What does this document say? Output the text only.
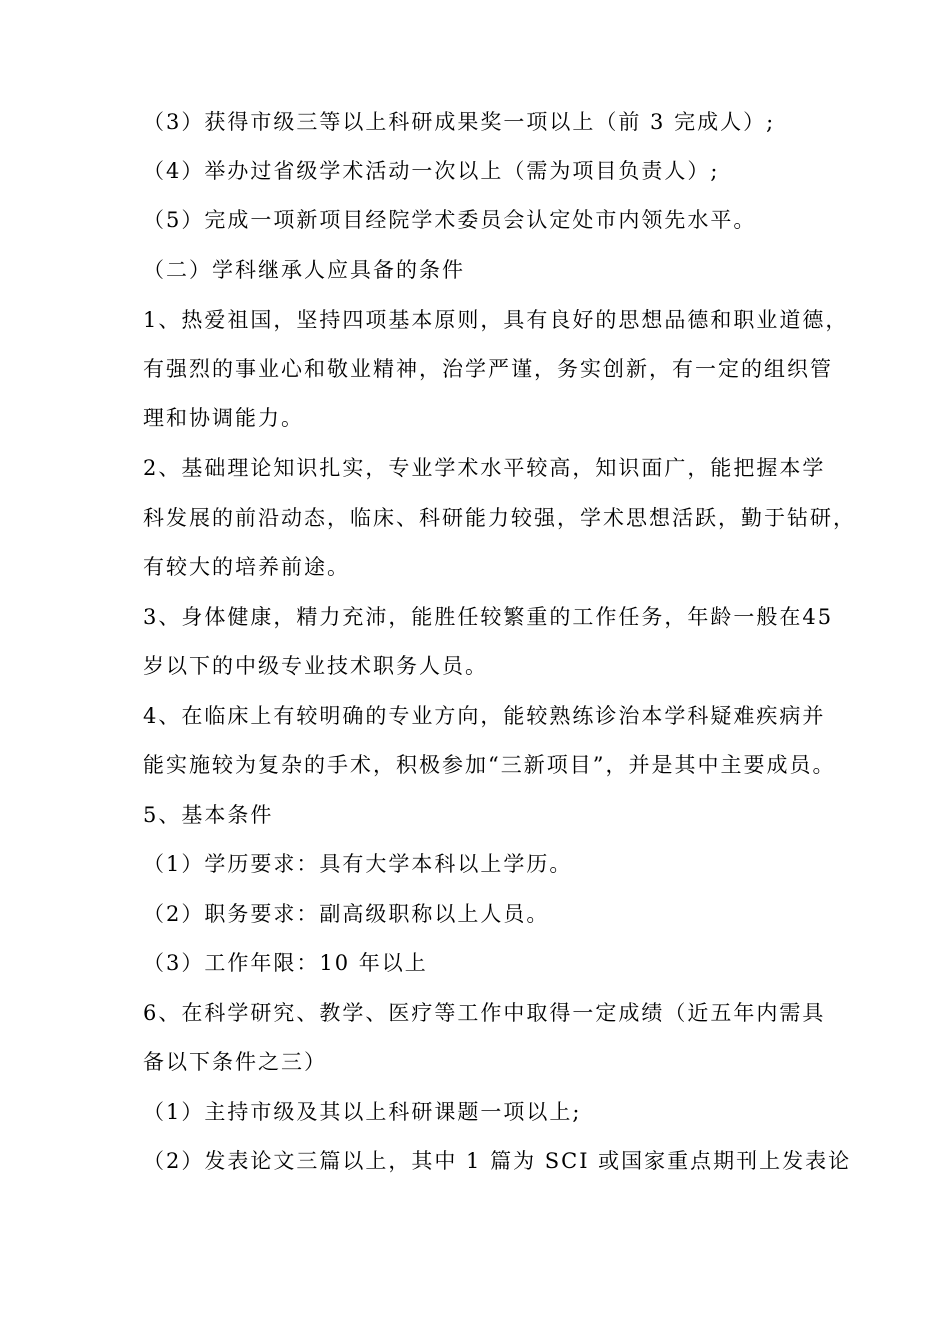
（3）获得市级三等以上科研成果奖一项以上（前 3 完成人）;
（4）举办过省级学术活动一次以上（需为项目负责人）;
（5）完成一项新项目经院学术委员会认定处市内领先水平。
（二）学科继承人应具备的条件
1、热爱祖国，坚持四项基本原则，具有良好的思想品德和职业道德，
有强烈的事业心和敬业精神，治学严谨，务实创新，有一定的组织管
理和协调能力。
2、基础理论知识扎实，专业学术水平较高，知识面广，能把握本学
科发展的前沿动态，临床、科研能力较强，学术思想活跃，勤于钻研，
有较大的培养前途。
3、身体健康，精力充沛，能胜任较繁重的工作任务，年龄一般在45
岁以下的中级专业技术职务人员。
4、在临床上有较明确的专业方向，能较熟练诊治本学科疑难疾病并
能实施较为复杂的手术，积极参加“三新项目”，并是其中主要成员。
5、基本条件
（1）学历要求：具有大学本科以上学历。
（2）职务要求：副高级职称以上人员。
（3）工作年限：10 年以上
6、在科学研究、教学、医疗等工作中取得一定成绩（近五年内需具
备以下条件之三）
（1）主持市级及其以上科研课题一项以上;
（2）发表论文三篇以上，其中 1 篇为 SCI 或国家重点期刊上发表论
